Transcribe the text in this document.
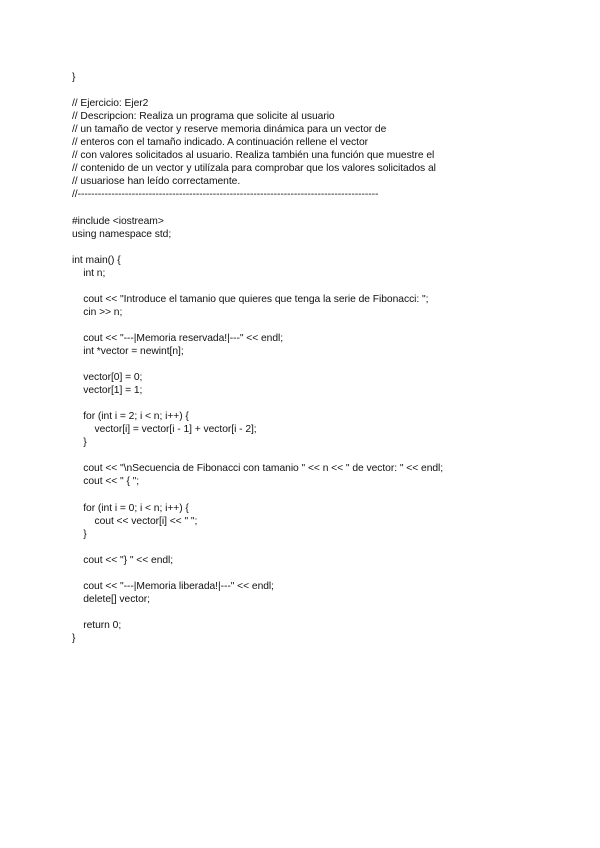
}
// Ejercicio: Ejer2
// Descripcion: Realiza un programa que solicite al usuario
// un tamaño de vector y reserve memoria dinámica para un vector de
// enteros con el tamaño indicado. A continuación rellene el vector
// con valores solicitados al usuario. Realiza también una función que muestre el
// contenido de un vector y utilízala para comprobar que los valores solicitados al
// usuariose han leído correctamente.
//-----------------------------------------------------------------------------------------
#include <iostream>
using namespace std;
int main() {
int n;
cout << "Introduce el tamanio que quieres que tenga la serie de Fibonacci: ";
cin >> n;
cout << "---|Memoria reservada!|---" << endl;
int *vector = newint[n];
vector[0] = 0;
vector[1] = 1;
for (int i = 2; i < n; i++) {
vector[i] = vector[i - 1] + vector[i - 2];
}
cout << "\nSecuencia de Fibonacci con tamanio " << n << " de vector: " << endl;
cout << " { ";
for (int i = 0; i < n; i++) {
cout << vector[i] << " ";
}
cout << "} " << endl;
cout << "---|Memoria liberada!|---" << endl;
delete[] vector;
return 0;
}
